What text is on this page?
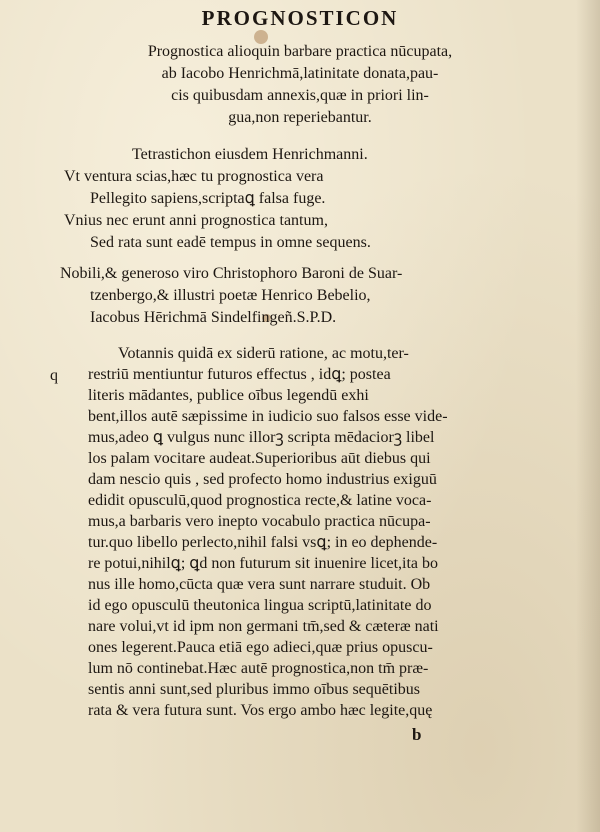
PROGNOSTICON
Prognostica alioquin barbare practica nūcupata,
ab Iacobo Henrichmā,latinitate donata,pau-
cis quibusdam annexis,quæ in priori lin-
gua,non reperiebantur.
Tetrastichon eiusdem Henrichmanni.
Vt ventura scias,hæc tu prognostica vera
Pellegito sapiens,scriptaꝗ falsa fuge.
Vnius nec erunt anni prognostica tantum,
Sed rata sunt eadē tempus in omne sequens.
Nobili,& generoso viro Christophoro Baroni de Suar-
tzenbergo,& illustri poetæ Henrico Bebelio,
Iacobus Hērichmā Sindelfingeñ.S.P.D.
q
Votannis quidā ex siderū ratione, ac motu,ter-
restriū mentiuntur futuros effectus , idꝗ; postea
literis mādantes, publice oībus legendū exhi
bent,illos autē sæpissime in iudicio suo falsos esse vide-
mus,adeo ꝗ vulgus nunc illorꝫ scripta mēdaciorꝫ libel
los palam vocitare audeat.Superioribus aūt diebus qui
dam nescio quis , sed profecto homo industrius exiguū
edidit opusculū,quod prognostica recte,& latine voca-
mus,a barbaris vero inepto vocabulo practica nūcupa-
tur.quo libello perlecto,nihil falsi vsꝗ; in eo dephende-
re potui,nihilꝗ; ꝗd non futurum sit inuenire licet,ita bo
nus ille homo,cūcta quæ vera sunt narrare studuit. Ob
id ego opusculū theutonica lingua scriptū,latinitate do
nare volui,vt id ipm non germani tm̄,sed & cæteræ nati
ones legerent.Pauca etiā ego adieci,quæ prius opuscu-
lum nō continebat.Hæc autē prognostica,non tm̄ præ-
sentis anni sunt,sed pluribus immo oībus sequētibus
rata & vera futura sunt. Vos ergo ambo hæc legite,quę
b
